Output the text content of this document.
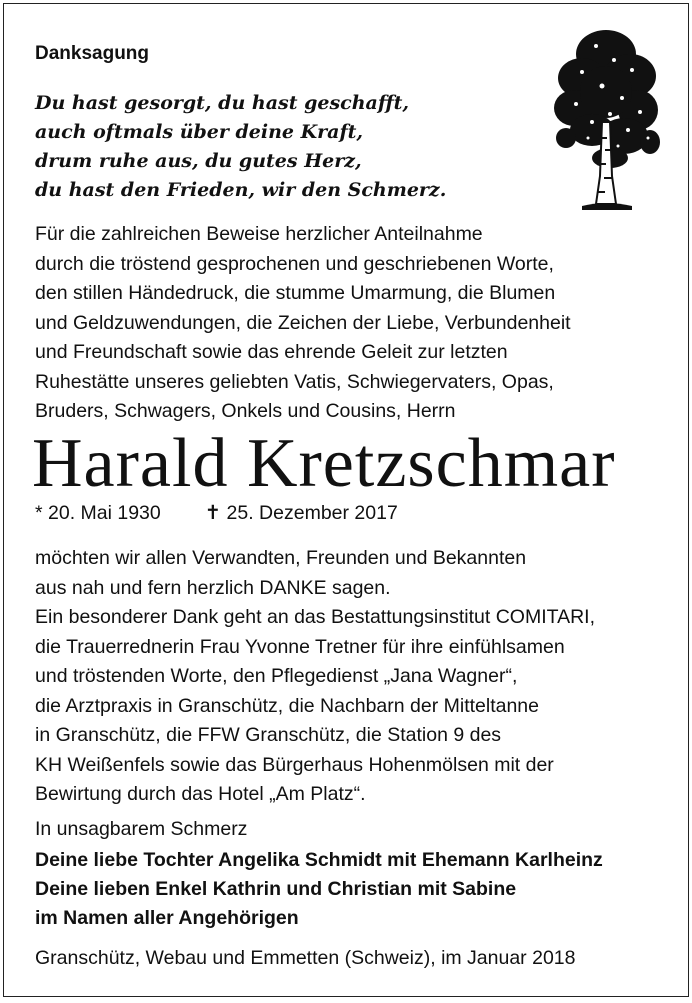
Danksagung
Du hast gesorgt, du hast geschafft,
auch oftmals über deine Kraft,
drum ruhe aus, du gutes Herz,
du hast den Frieden, wir den Schmerz.
Für die zahlreichen Beweise herzlicher Anteilnahme
durch die tröstend gesprochenen und geschriebenen Worte,
den stillen Händedruck, die stumme Umarmung, die Blumen
und Geldzuwendungen, die Zeichen der Liebe, Verbundenheit
und Freundschaft sowie das ehrende Geleit zur letzten
Ruhestätte unseres geliebten Vatis, Schwiegervaters, Opas,
Bruders, Schwagers, Onkels und Cousins, Herrn
Harald Kretzschmar
* 20. Mai 1930 ✝ 25. Dezember 2017
möchten wir allen Verwandten, Freunden und Bekannten
aus nah und fern herzlich DANKE sagen.
Ein besonderer Dank geht an das Bestattungsinstitut COMITARI,
die Trauerrednerin Frau Yvonne Tretner für ihre einfühlsamen
und tröstenden Worte, den Pflegedienst „Jana Wagner“,
die Arztpraxis in Granschütz, die Nachbarn der Mitteltanne
in Granschütz, die FFW Granschütz, die Station 9 des
KH Weißenfels sowie das Bürgerhaus Hohenmölsen mit der
Bewirtung durch das Hotel „Am Platz“.
In unsagbarem Schmerz
Deine liebe Tochter Angelika Schmidt mit Ehemann Karlheinz
Deine lieben Enkel Kathrin und Christian mit Sabine
im Namen aller Angehörigen
Granschütz, Webau und Emmetten (Schweiz), im Januar 2018
